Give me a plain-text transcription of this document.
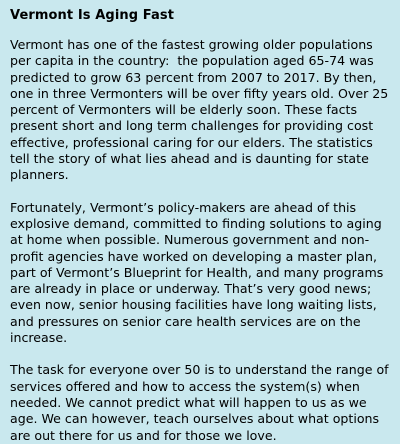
Vermont Is Aging Fast

Vermont has one of the fastest growing older populations per capita in the country:  the population aged 65-74 was predicted to grow 63 percent from 2007 to 2017. By then, one in three Vermonters will be over fifty years old. Over 25 percent of Vermonters will be elderly soon. These facts present short and long term challenges for providing cost effective, professional caring for our elders. The statistics tell the story of what lies ahead and is daunting for state planners.

Fortunately, Vermont’s policy-makers are ahead of this explosive demand, committed to finding solutions to aging at home when possible. Numerous government and non-profit agencies have worked on developing a master plan, part of Vermont’s Blueprint for Health, and many programs are already in place or underway. That’s very good news; even now, senior housing facilities have long waiting lists, and pressures on senior care health services are on the increase.

The task for everyone over 50 is to understand the range of services offered and how to access the system(s) when needed. We cannot predict what will happen to us as we age. We can however, teach ourselves about what options are out there for us and for those we love.
